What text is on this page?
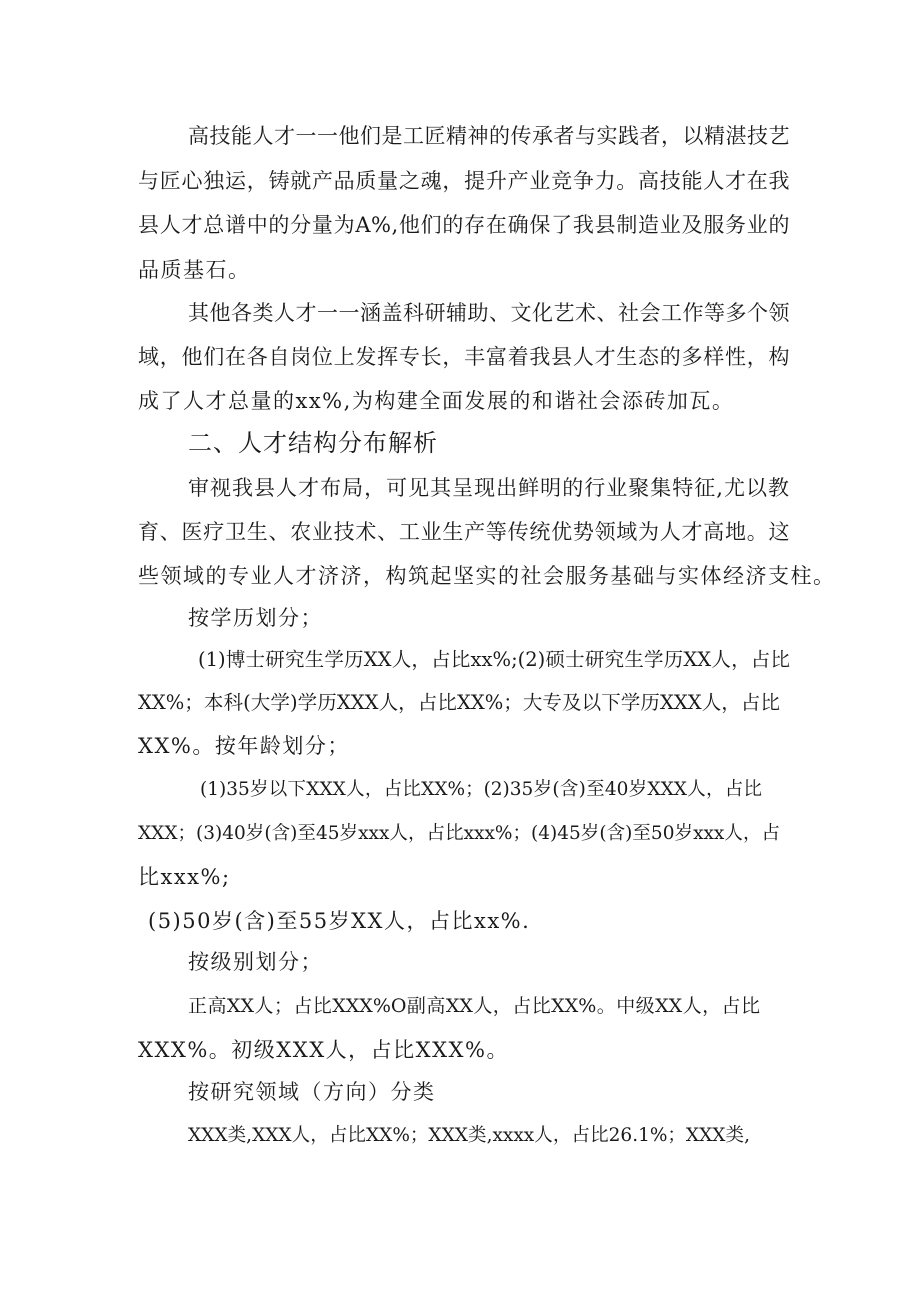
高技能人才一一他们是工匠精神的传承者与实践者，以精湛技艺
与匠心独运，铸就产品质量之魂，提升产业竞争力。高技能人才在我
县人才总谱中的分量为A%,他们的存在确保了我县制造业及服务业的
品质基石。
其他各类人才一一涵盖科研辅助、文化艺术、社会工作等多个领
域，他们在各自岗位上发挥专长，丰富着我县人才生态的多样性，构
成了人才总量的xx%,为构建全面发展的和谐社会添砖加瓦。
二、人才结构分布解析
审视我县人才布局，可见其呈现出鲜明的行业聚集特征,尤以教
育、医疗卫生、农业技术、工业生产等传统优势领域为人才高地。这
些领域的专业人才济济，构筑起坚实的社会服务基础与实体经济支柱。
按学历划分；
(1)博士研究生学历XX人，占比xx%;(2)硕士研究生学历XX人，占比
XX%；本科(大学)学历XXX人，占比XX%；大专及以下学历XXX人，占比
XX%。按年龄划分；
(1)35岁以下XXX人，占比XX%；(2)35岁(含)至40岁XXX人，占比
XXX；(3)40岁(含)至45岁xxx人，占比xxx%；(4)45岁(含)至50岁xxx人，占
比xxx%;
(5)50岁(含)至55岁XX人，占比xx%.
按级别划分；
正高XX人；占比XXX%O副高XX人，占比XX%。中级XX人，占比
XXX%。初级XXX人，占比XXX%。
按研究领域（方向）分类
XXX类,XXX人，占比XX%；XXX类,xxxx人，占比26.1%；XXX类,
